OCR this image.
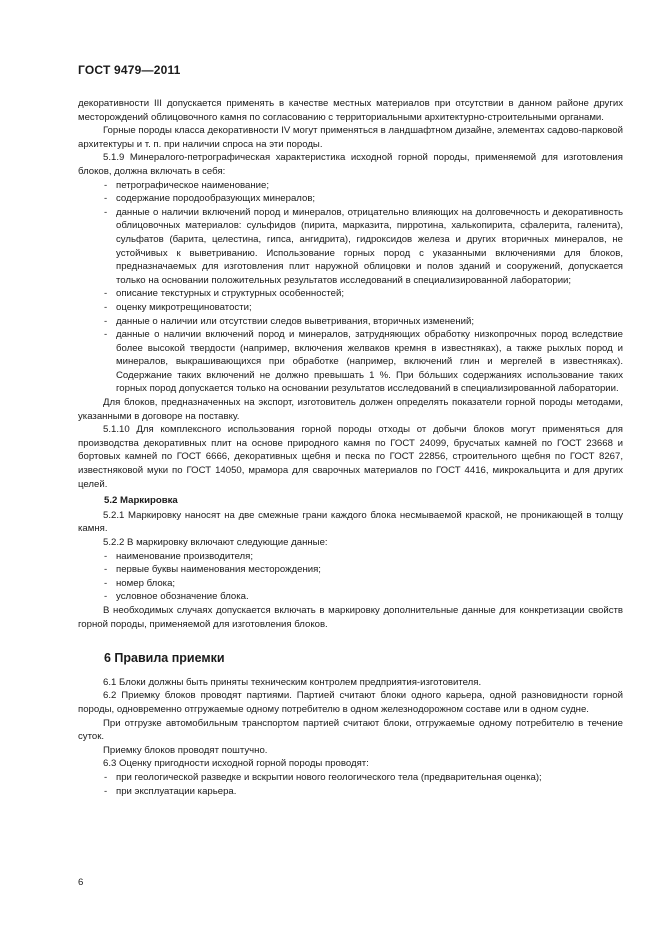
ГОСТ 9479—2011

декоративности III допускается применять в качестве местных материалов при отсутствии в данном районе других месторождений облицовочного камня по согласованию с территориальными архитектурно-строительными органами.

Горные породы класса декоративности IV могут применяться в ландшафтном дизайне, элементах садово-парковой архитектуры и т. п. при наличии спроса на эти породы.

5.1.9 Минералого-петрографическая характеристика исходной горной породы, применяемой для изготовления блоков, должна включать в себя:

- петрографическое наименование;

- содержание породообразующих минералов;

- данные о наличии включений пород и минералов, отрицательно влияющих на долговечность и декоративность облицовочных материалов: сульфидов (пирита, марказита, пирротина, халькопирита, сфалерита, галенита), сульфатов (барита, целестина, гипса, ангидрита), гидроксидов железа и других вторичных минералов, не устойчивых к выветриванию. Использование горных пород с указанными включениями для блоков, предназначаемых для изготовления плит наружной облицовки и полов зданий и сооружений, допускается только на основании положительных результатов исследований в специализированной лаборатории;

- описание текстурных и структурных особенностей;

- оценку микротрещиноватости;

- данные о наличии или отсутствии следов выветривания, вторичных изменений;

- данные о наличии включений пород и минералов, затрудняющих обработку низкопрочных пород вследствие более высокой твердости (например, включения желваков кремня в известняках), а также рыхлых пород и минералов, выкрашивающихся при обработке (например, включений глин и мергелей в известняках). Содержание таких включений не должно превышать 1 %. При бóльших содержаниях использование таких горных пород допускается только на основании результатов исследований в специализированной лаборатории.

Для блоков, предназначенных на экспорт, изготовитель должен определять показатели горной породы методами, указанными в договоре на поставку.

5.1.10 Для комплексного использования горной породы отходы от добычи блоков могут применяться для производства декоративных плит на основе природного камня по ГОСТ 24099, брусчатых камней по ГОСТ 23668 и бортовых камней по ГОСТ 6666, декоративных щебня и песка по ГОСТ 22856, строительного щебня по ГОСТ 8267, известняковой муки по ГОСТ 14050, мрамора для сварочных материалов по ГОСТ 4416, микрокальцита и для других целей.

5.2 Маркировка

5.2.1 Маркировку наносят на две смежные грани каждого блока несмываемой краской, не проникающей в толщу камня.

5.2.2 В маркировку включают следующие данные:

- наименование производителя;

- первые буквы наименования месторождения;

- номер блока;

- условное обозначение блока.

В необходимых случаях допускается включать в маркировку дополнительные данные для конкретизации свойств горной породы, применяемой для изготовления блоков.

6 Правила приемки

6.1 Блоки должны быть приняты техническим контролем предприятия-изготовителя.

6.2 Приемку блоков проводят партиями. Партией считают блоки одного карьера, одной разновидности горной породы, одновременно отгружаемые одному потребителю в одном железнодорожном составе или в одном судне.

При отгрузке автомобильным транспортом партией считают блоки, отгружаемые одному потребителю в течение суток.

Приемку блоков проводят поштучно.

6.3 Оценку пригодности исходной горной породы проводят:

- при геологической разведке и вскрытии нового геологического тела (предварительная оценка);

- при эксплуатации карьера.

6
